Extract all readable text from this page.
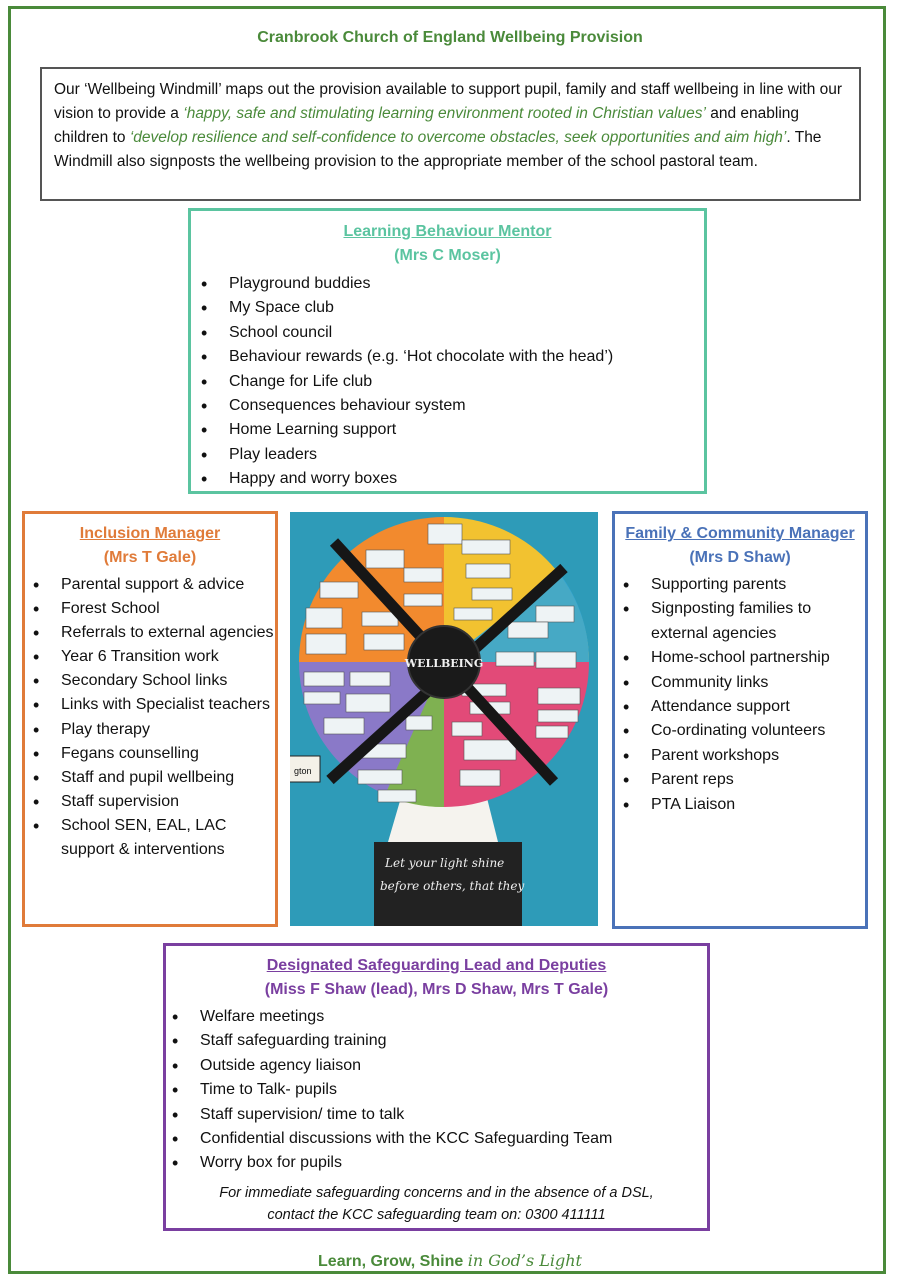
Cranbrook Church of England Wellbeing Provision
Our ‘Wellbeing Windmill’ maps out the provision available to support pupil, family and staff wellbeing in line with our vision to provide a ‘happy, safe and stimulating learning environment rooted in Christian values’ and enabling children to ‘develop resilience and self-confidence to overcome obstacles, seek opportunities and aim high’. The Windmill also signposts the wellbeing provision to the appropriate member of the school pastoral team.
Learning Behaviour Mentor
(Mrs C Moser)
• Playground buddies
• My Space club
• School council
• Behaviour rewards (e.g. ‘Hot chocolate with the head’)
• Change for Life club
• Consequences behaviour system
• Home Learning support
• Play leaders
• Happy and worry boxes
Inclusion Manager
(Mrs T Gale)
• Parental support & advice
• Forest School
• Referrals to external agencies
• Year 6 Transition work
• Secondary School links
• Links with Specialist teachers
• Play therapy
• Fegans counselling
• Staff and pupil wellbeing
• Staff supervision
• School SEN, EAL, LAC support & interventions
gton
Let your light shine
before others, that they
WELLBEING
Family & Community Manager
(Mrs D Shaw)
• Supporting parents
• Signposting families to external agencies
• Home-school partnership
• Community links
• Attendance support
• Co-ordinating volunteers
• Parent workshops
• Parent reps
• PTA Liaison
Designated Safeguarding Lead and Deputies
(Miss F Shaw (lead), Mrs D Shaw, Mrs T Gale)
• Welfare meetings
• Staff safeguarding training
• Outside agency liaison
• Time to Talk- pupils
• Staff supervision/ time to talk
• Confidential discussions with the KCC Safeguarding Team
• Worry box for pupils
For immediate safeguarding concerns and in the absence of a DSL,
contact the KCC safeguarding team on: 0300 411111
Learn, Grow, Shine in God’s Light
